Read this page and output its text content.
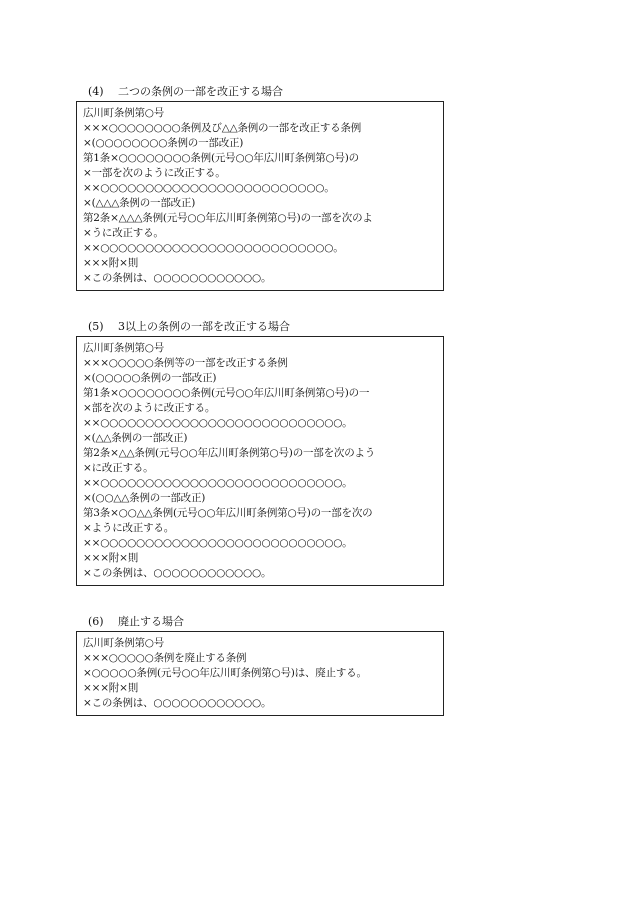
(4) 二つの条例の一部を改正する場合
広川町条例第○号
×××○○○○○○○○条例及び△△条例の一部を改正する条例
×(○○○○○○○○条例の一部改正)
第1条×○○○○○○○○条例(元号○○年広川町条例第○号)の
×一部を次のように改正する。
××○○○○○○○○○○○○○○○○○○○○○○○○○。
×(△△△条例の一部改正)
第2条×△△△条例(元号○○年広川町条例第○号)の一部を次のよ
×うに改正する。
××○○○○○○○○○○○○○○○○○○○○○○○○○○。
×××附×則
×この条例は、○○○○○○○○○○○○。
(5) 3以上の条例の一部を改正する場合
広川町条例第○号
×××○○○○○条例等の一部を改正する条例
×(○○○○○条例の一部改正)
第1条×○○○○○○○○条例(元号○○年広川町条例第○号)の一
×部を次のように改正する。
××○○○○○○○○○○○○○○○○○○○○○○○○○○○。
×(△△条例の一部改正)
第2条×△△条例(元号○○年広川町条例第○号)の一部を次のよう
×に改正する。
××○○○○○○○○○○○○○○○○○○○○○○○○○○○。
×(○○△△条例の一部改正)
第3条×○○△△条例(元号○○年広川町条例第○号)の一部を次の
×ように改正する。
××○○○○○○○○○○○○○○○○○○○○○○○○○○○。
×××附×則
×この条例は、○○○○○○○○○○○○。
(6) 廃止する場合
広川町条例第○号
×××○○○○○条例を廃止する条例
×○○○○○条例(元号○○年広川町条例第○号)は、廃止する。
×××附×則
×この条例は、○○○○○○○○○○○○。
